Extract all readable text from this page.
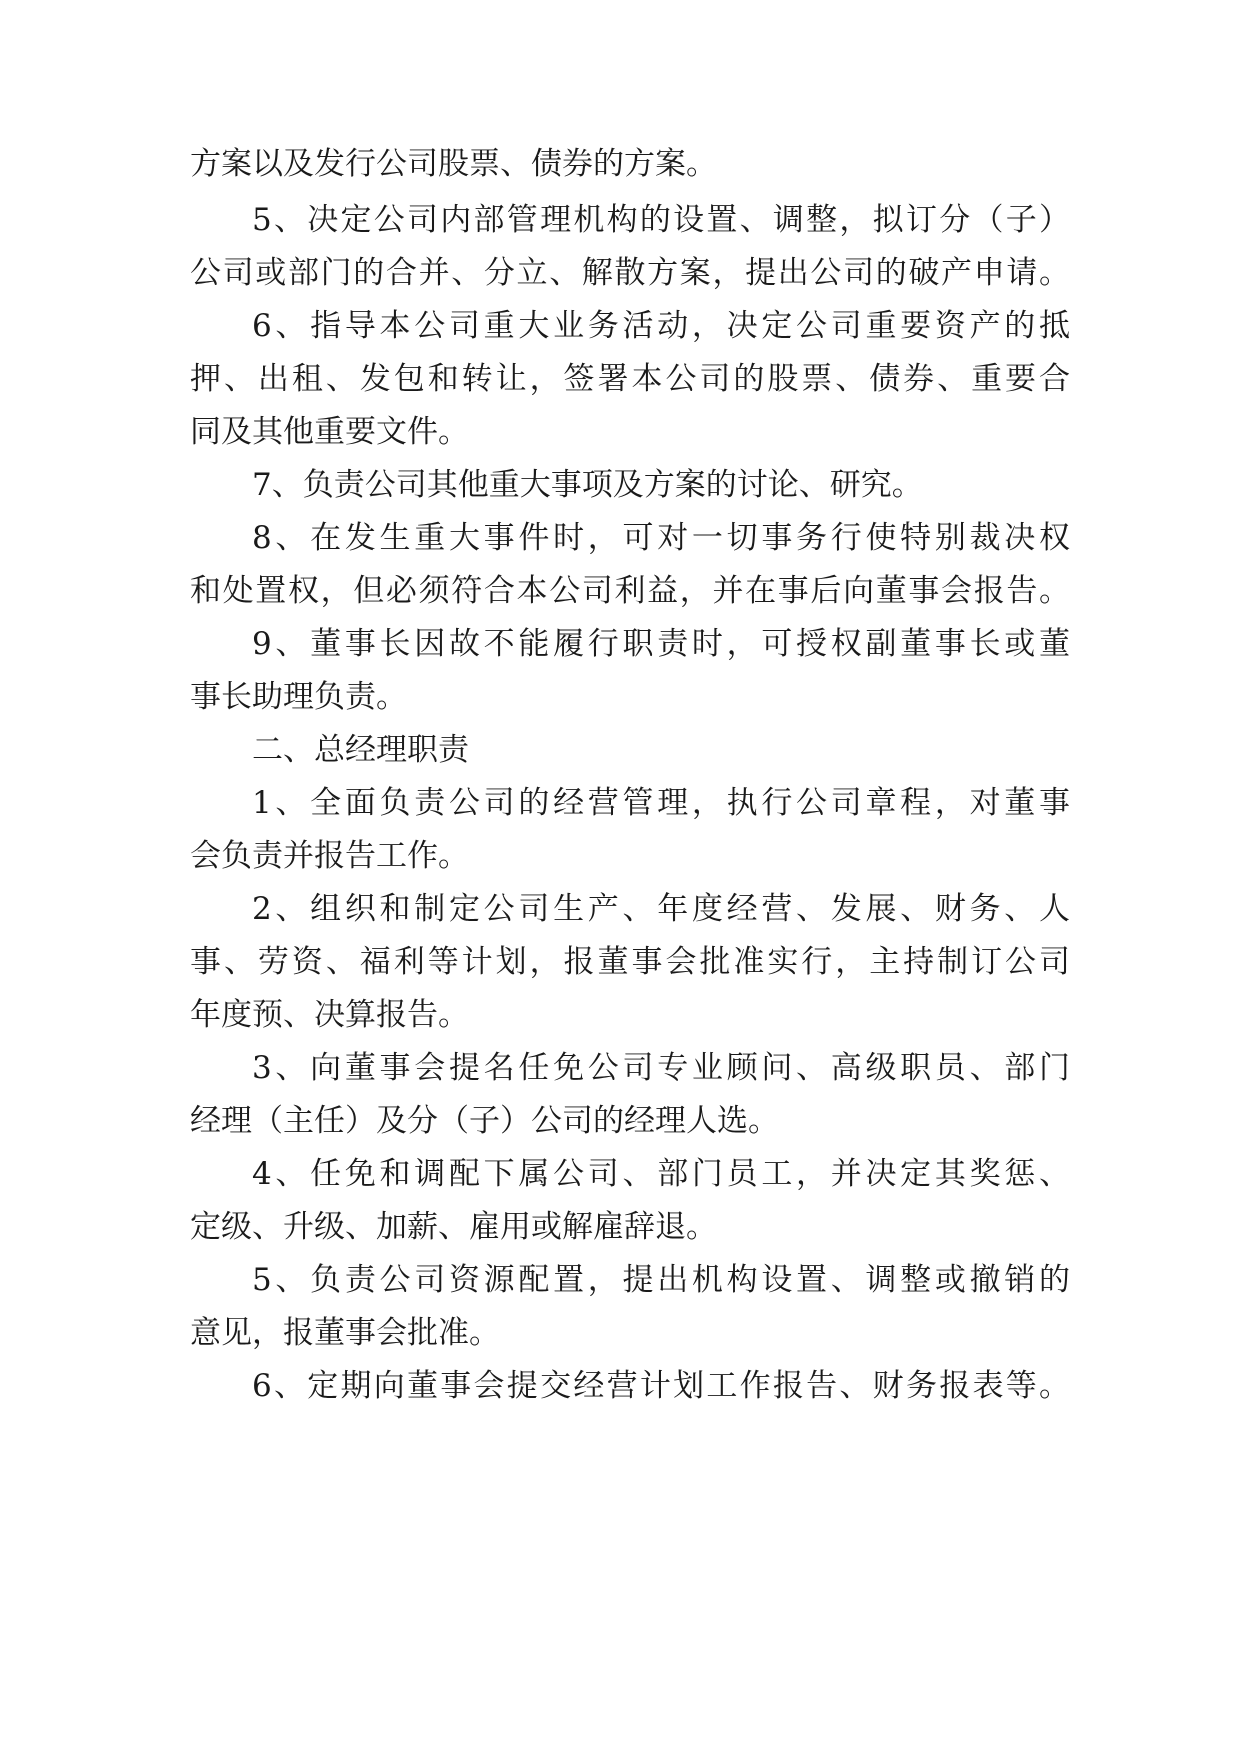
方案以及发行公司股票、债券的方案。
5、决定公司内部管理机构的设置、调整，拟订分（子）
公司或部门的合并、分立、解散方案，提出公司的破产申请。
6、指导本公司重大业务活动，决定公司重要资产的抵
押、出租、发包和转让，签署本公司的股票、债券、重要合
同及其他重要文件。
7、负责公司其他重大事项及方案的讨论、研究。
8、在发生重大事件时，可对一切事务行使特别裁决权
和处置权，但必须符合本公司利益，并在事后向董事会报告。
9、董事长因故不能履行职责时，可授权副董事长或董
事长助理负责。
二、总经理职责
1、全面负责公司的经营管理，执行公司章程，对董事
会负责并报告工作。
2、组织和制定公司生产、年度经营、发展、财务、人
事、劳资、福利等计划，报董事会批准实行，主持制订公司
年度预、决算报告。
3、向董事会提名任免公司专业顾问、高级职员、部门
经理（主任）及分（子）公司的经理人选。
4、任免和调配下属公司、部门员工，并决定其奖惩、
定级、升级、加薪、雇用或解雇辞退。
5、负责公司资源配置，提出机构设置、调整或撤销的
意见，报董事会批准。
6、定期向董事会提交经营计划工作报告、财务报表等。
